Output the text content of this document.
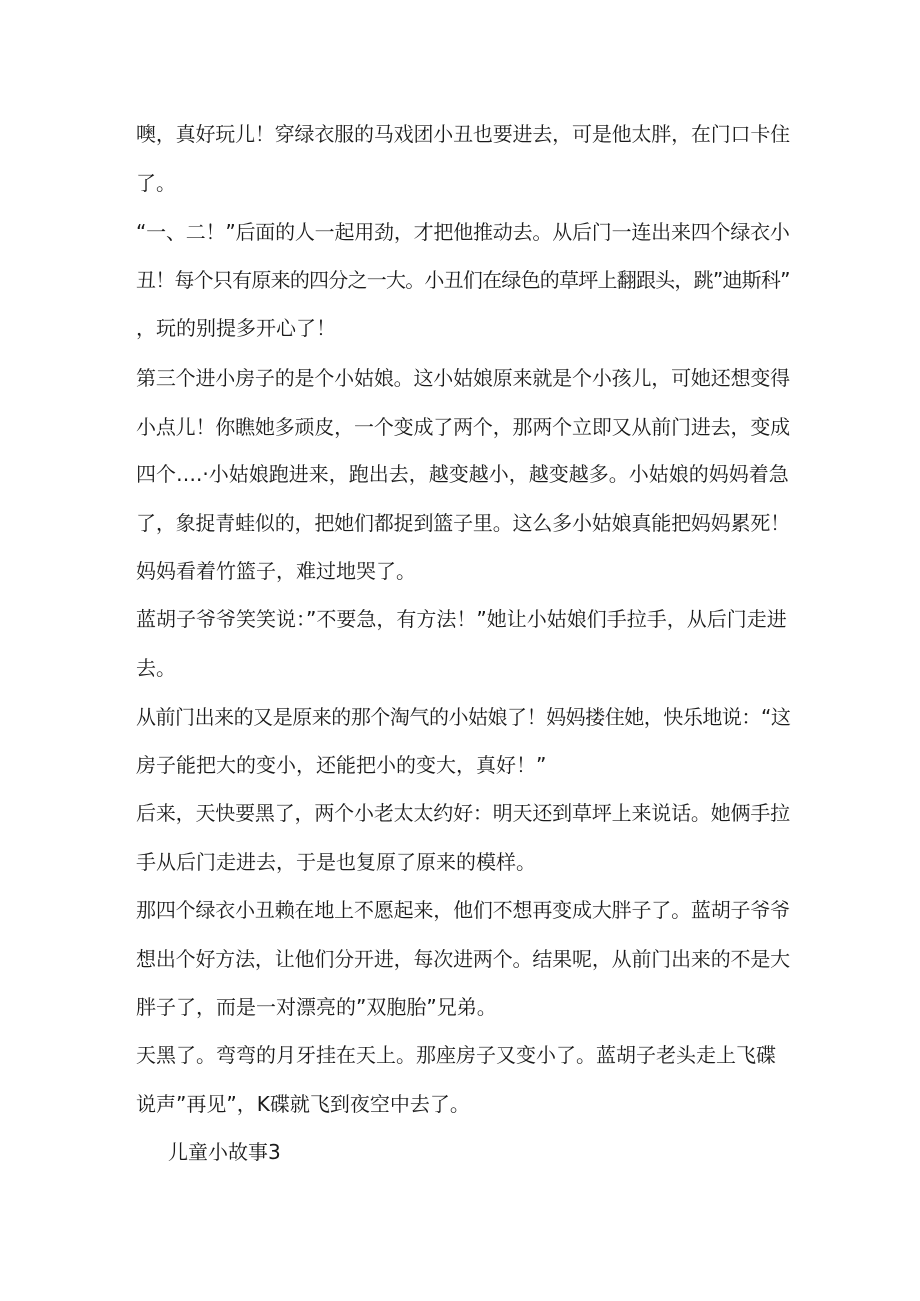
噢，真好玩儿！穿绿衣服的马戏团小丑也要进去，可是他太胖，在门口卡住

了。

“一、二！”后面的人一起用劲，才把他推动去。从后门一连出来四个绿衣小

丑！每个只有原来的四分之一大。小丑们在绿色的草坪上翻跟头，跳”迪斯科”

，玩的别提多开心了！

第三个进小房子的是个小姑娘。这小姑娘原来就是个小孩儿，可她还想变得

小点儿！你瞧她多顽皮，一个变成了两个，那两个立即又从前门进去，变成

四个….·小姑娘跑进来，跑出去，越变越小，越变越多。小姑娘的妈妈着急

了，象捉青蛙似的，把她们都捉到篮子里。这么多小姑娘真能把妈妈累死！

妈妈看着竹篮子，难过地哭了。

蓝胡子爷爷笑笑说：”不要急，有方法！”她让小姑娘们手拉手，从后门走进

去。

从前门出来的又是原来的那个淘气的小姑娘了！妈妈搂住她，快乐地说：“这

房子能把大的变小，还能把小的变大，真好！”

后来，天快要黑了，两个小老太太约好：明天还到草坪上来说话。她俩手拉

手从后门走进去，于是也复原了原来的模样。

那四个绿衣小丑赖在地上不愿起来，他们不想再变成大胖子了。蓝胡子爷爷

想出个好方法，让他们分开进，每次进两个。结果呢，从前门出来的不是大

胖子了，而是一对漂亮的”双胞胎”兄弟。

天黑了。弯弯的月牙挂在天上。那座房子又变小了。蓝胡子老头走上飞碟

说声”再见”，K碟就飞到夜空中去了。

儿童小故事3
